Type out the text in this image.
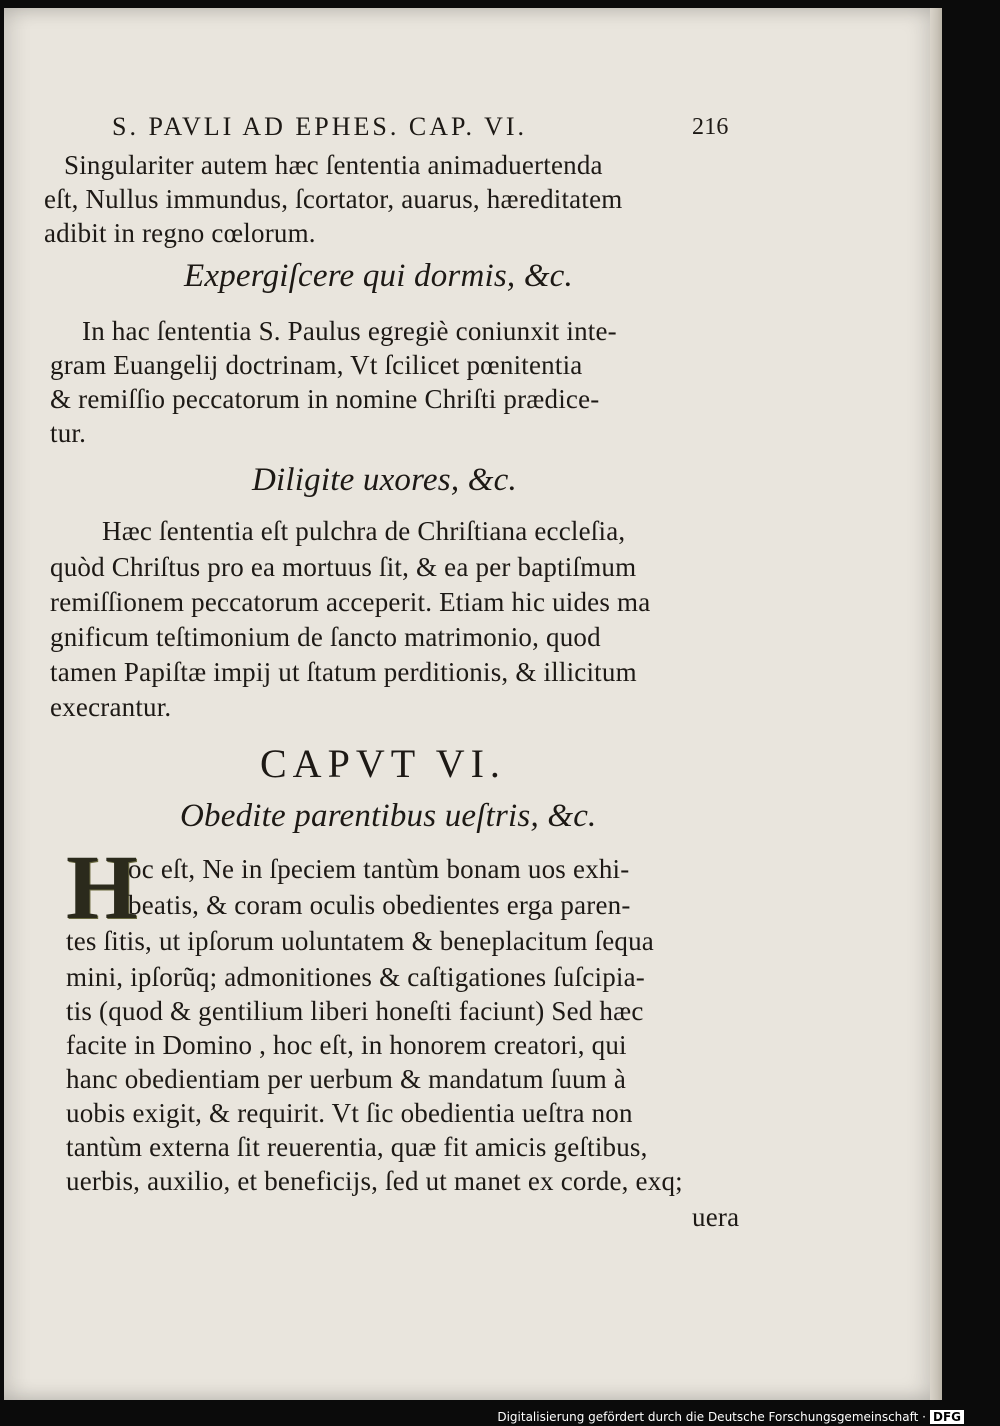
S. PAVLI AD EPHES. CAP. VI.	216
Singulariter autem hæc ſententia animaduertenda
eſt, Nullus immundus, ſcortator, auarus, hæreditatem
adibit in regno cœlorum.
Expergiſcere qui dormis, &c.
In hac ſententia S. Paulus egregiè coniunxit inte-
gram Euangelij doctrinam, Vt ſcilicet pœnitentia
& remiſſio peccatorum in nomine Chriſti prædice-
tur.
Diligite uxores, &c.
Hæc ſententia eſt pulchra de Chriſtiana eccleſia,
quòd Chriſtus pro ea mortuus ſit, & ea per baptiſmum
remiſſionem peccatorum acceperit. Etiam hic uides ma
gnificum teſtimonium de ſancto matrimonio, quod
tamen Papiſtæ impij ut ſtatum perditionis, & illicitum
execrantur.
CAPVT VI.
Obedite parentibus ueſtris, &c.
H
oc eſt, Ne in ſpeciem tantùm bonam uos exhi-
beatis, & coram oculis obedientes erga paren-
tes ſitis, ut ipſorum uoluntatem & beneplacitum ſequa
mini, ipſorũq; admonitiones & caſtigationes ſuſcipia-
tis (quod & gentilium liberi honeſti faciunt) Sed hæc
facite in Domino , hoc eſt, in honorem creatori, qui
hanc obedientiam per uerbum & mandatum ſuum à
uobis exigit, & requirit. Vt ſic obedientia ueſtra non
tantùm externa ſit reuerentia, quæ fit amicis geſtibus,
uerbis, auxilio, et beneficijs, ſed ut manet ex corde, exq;
uera
Digitalisierung gefördert durch die Deutsche Forschungsgemeinschaft · DFG
